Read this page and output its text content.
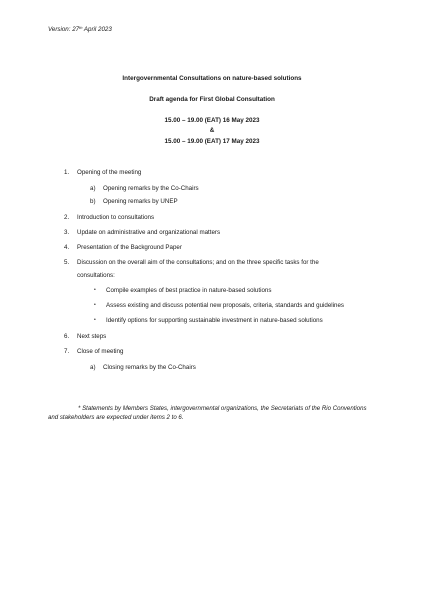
Version: 27th April 2023
Intergovernmental Consultations on nature-based solutions
Draft agenda for First Global Consultation
15.00 – 19.00 (EAT) 16 May 2023
&
15.00 – 19.00 (EAT) 17 May 2023
1. Opening of the meeting
a) Opening remarks by the Co-Chairs
b) Opening remarks by UNEP
2. Introduction to consultations
3. Update on administrative and organizational matters
4. Presentation of the Background Paper
5. Discussion on the overall aim of the consultations; and on the three specific tasks for the
consultations:
• Compile examples of best practice in nature-based solutions
• Assess existing and discuss potential new proposals, criteria, standards and guidelines
• Identify options for supporting sustainable investment in nature-based solutions
6. Next steps
7. Close of meeting
a) Closing remarks by the Co-Chairs
* Statements by Members States, intergovernmental organizations, the Secretariats of the Rio Conventions and stakeholders are expected under items 2 to 6.
